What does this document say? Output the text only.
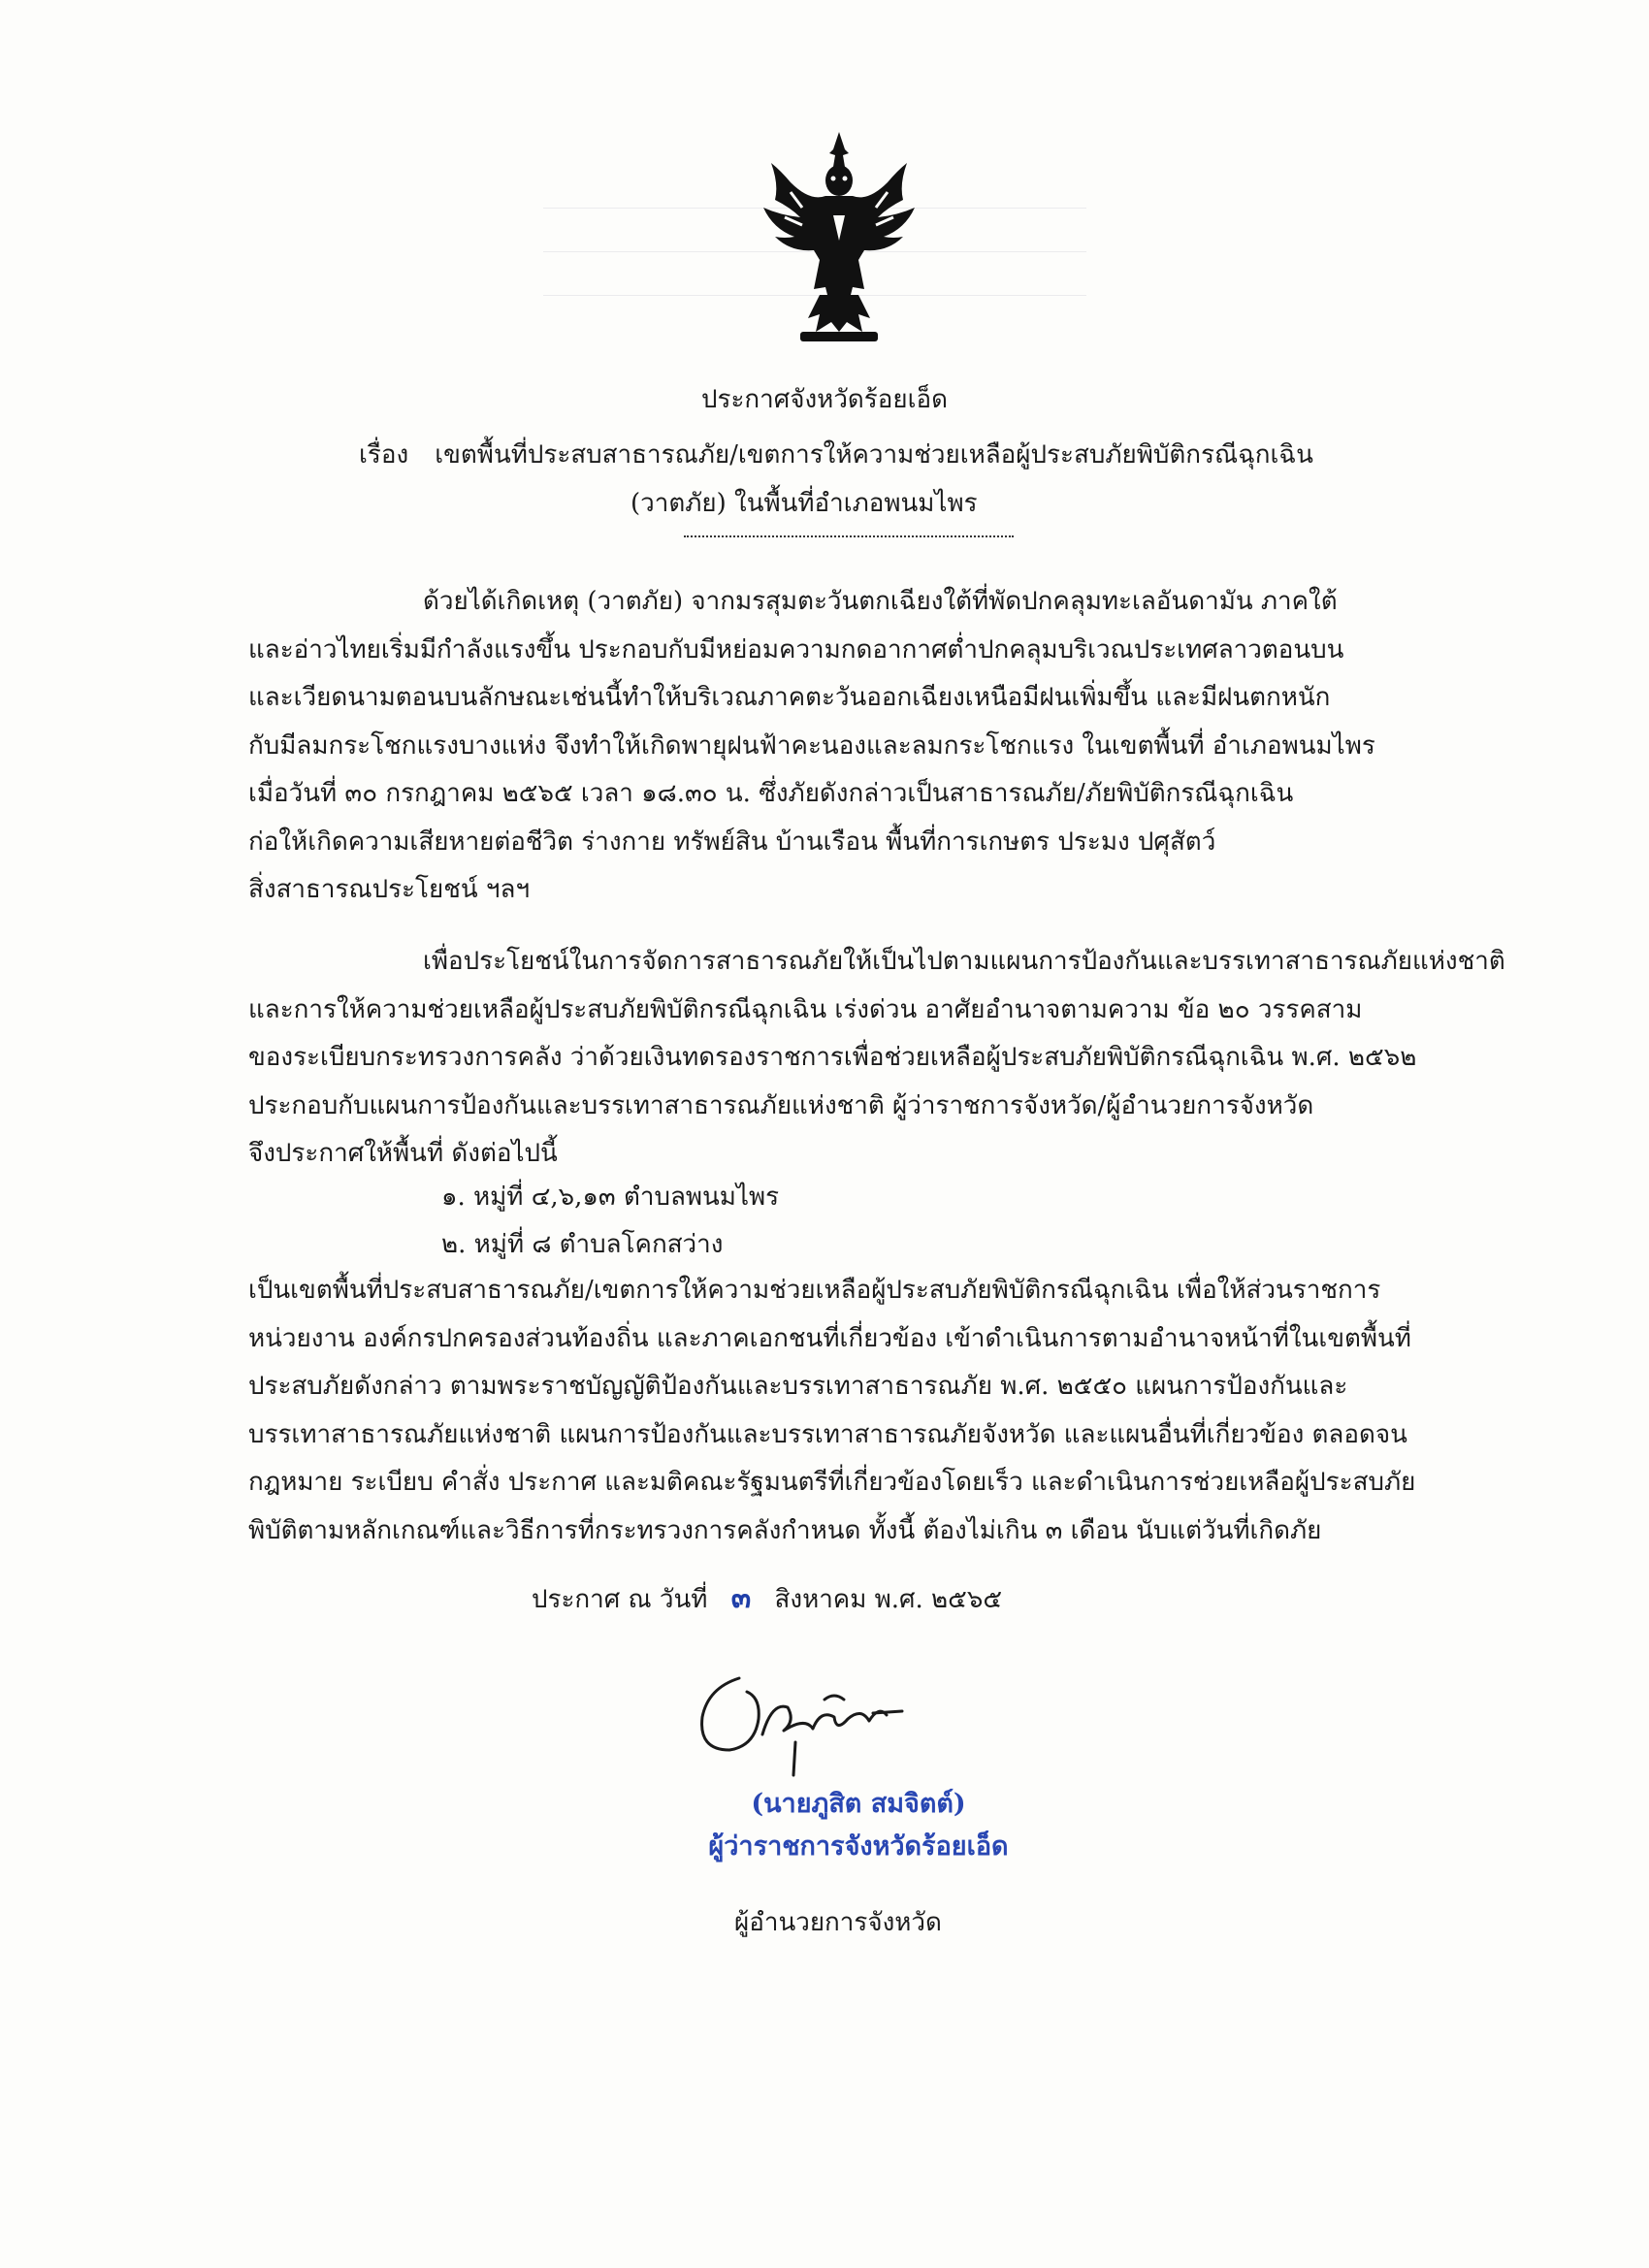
ประกาศจังหวัดร้อยเอ็ด
เรื่อง เขตพื้นที่ประสบสาธารณภัย/เขตการให้ความช่วยเหลือผู้ประสบภัยพิบัติกรณีฉุกเฉิน
(วาตภัย) ในพื้นที่อำเภอพนมไพร
ด้วยได้เกิดเหตุ (วาตภัย) จากมรสุมตะวันตกเฉียงใต้ที่พัดปกคลุมทะเลอันดามัน ภาคใต้
และอ่าวไทยเริ่มมีกำลังแรงขึ้น ประกอบกับมีหย่อมความกดอากาศต่ำปกคลุมบริเวณประเทศลาวตอนบน
และเวียดนามตอนบนลักษณะเช่นนี้ทำให้บริเวณภาคตะวันออกเฉียงเหนือมีฝนเพิ่มขึ้น และมีฝนตกหนัก
กับมีลมกระโชกแรงบางแห่ง จึงทำให้เกิดพายุฝนฟ้าคะนองและลมกระโชกแรง ในเขตพื้นที่ อำเภอพนมไพร
เมื่อวันที่ ๓๐ กรกฎาคม ๒๕๖๕ เวลา ๑๘.๓๐ น. ซึ่งภัยดังกล่าวเป็นสาธารณภัย/ภัยพิบัติกรณีฉุกเฉิน
ก่อให้เกิดความเสียหายต่อชีวิต ร่างกาย ทรัพย์สิน บ้านเรือน พื้นที่การเกษตร ประมง ปศุสัตว์
สิ่งสาธารณประโยชน์ ฯลฯ
เพื่อประโยชน์ในการจัดการสาธารณภัยให้เป็นไปตามแผนการป้องกันและบรรเทาสาธารณภัยแห่งชาติ
และการให้ความช่วยเหลือผู้ประสบภัยพิบัติกรณีฉุกเฉิน เร่งด่วน อาศัยอำนาจตามความ ข้อ ๒๐ วรรคสาม
ของระเบียบกระทรวงการคลัง ว่าด้วยเงินทดรองราชการเพื่อช่วยเหลือผู้ประสบภัยพิบัติกรณีฉุกเฉิน พ.ศ. ๒๕๖๒
ประกอบกับแผนการป้องกันและบรรเทาสาธารณภัยแห่งชาติ ผู้ว่าราชการจังหวัด/ผู้อำนวยการจังหวัด
จึงประกาศให้พื้นที่ ดังต่อไปนี้
๑. หมู่ที่ ๔,๖,๑๓ ตำบลพนมไพร
๒. หมู่ที่ ๘ ตำบลโคกสว่าง
เป็นเขตพื้นที่ประสบสาธารณภัย/เขตการให้ความช่วยเหลือผู้ประสบภัยพิบัติกรณีฉุกเฉิน เพื่อให้ส่วนราชการ
หน่วยงาน องค์กรปกครองส่วนท้องถิ่น และภาคเอกชนที่เกี่ยวข้อง เข้าดำเนินการตามอำนาจหน้าที่ในเขตพื้นที่
ประสบภัยดังกล่าว ตามพระราชบัญญัติป้องกันและบรรเทาสาธารณภัย พ.ศ. ๒๕๕๐ แผนการป้องกันและ
บรรเทาสาธารณภัยแห่งชาติ แผนการป้องกันและบรรเทาสาธารณภัยจังหวัด และแผนอื่นที่เกี่ยวข้อง ตลอดจน
กฎหมาย ระเบียบ คำสั่ง ประกาศ และมติคณะรัฐมนตรีที่เกี่ยวข้องโดยเร็ว และดำเนินการช่วยเหลือผู้ประสบภัย
พิบัติตามหลักเกณฑ์และวิธีการที่กระทรวงการคลังกำหนด ทั้งนี้ ต้องไม่เกิน ๓ เดือน นับแต่วันที่เกิดภัย
ประกาศ ณ วันที่ ๓ สิงหาคม พ.ศ. ๒๕๖๕
(นายภูสิต สมจิตต์)
ผู้ว่าราชการจังหวัดร้อยเอ็ด
ผู้อำนวยการจังหวัด
